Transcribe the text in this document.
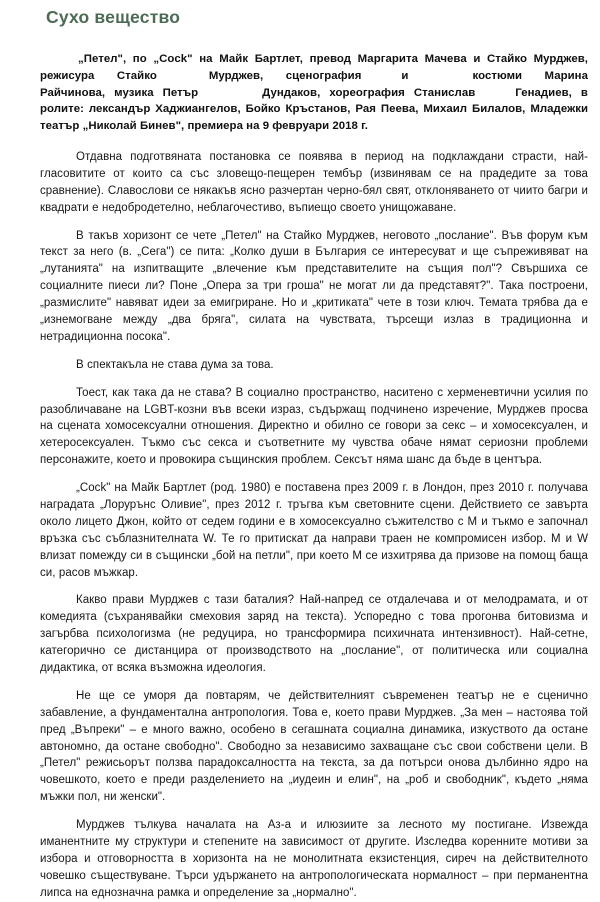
Сухо вещество
„Петел", по „Cock" на Майк Бартлет, превод Маргарита Мачева и Стайко Мурджев, режисура Стайко	Мурджев, сценография	и	костюми Марина Райчинова, музика Петър	Дундаков, хореография Станислав	Генадиев, в ролите: лександър Хаджиангелов, Бойко Кръстанов, Рая Пеева, Михаил Билалов, Младежки театър „Николай Бинев", премиера на 9 февруари 2018 г.

Отдавна подготвяната постановка се появява в период на подклаждани страсти, най-гласовитите от които са със зловещо-пещерен тембър (извинявам се на прадедите за това сравнение). Славослови се някакъв ясно разчертан черно-бял свят, отклоняването от чиито багри и квадрати е недобродетелно, неблагочестиво, въпиещо своето унищожаване.

В такъв хоризонт се чете „Петел" на Стайко Мурджев, неговото „послание". Във форум към текст за него (в. „Сега") се пита: „Колко души в България се интересуват и ще съпреживяват на „лутанията" на изпитващите „влечение към представителите на същия пол"? Свършиха се социалните пиеси ли? Поне „Опера за три гроша" не могат ли да представят?". Така построени, „размислите" навяват идеи за емигриране. Но и „критиката" чете в този ключ. Темата трябва да е „изнемогване между „два бряга", силата на чувствата, търсещи излаз в традиционна и нетрадиционна посока".

В спектакъла не става дума за това.

Тоест, как така да не става? В социално пространство, наситено с херменевтични усилия по разобличаване на LGBT-козни във всеки израз, съдържащ подчинено изречение, Мурджев просва на сцената хомосексуални отношения. Директно и обилно се говори за секс – и хомосексуален, и хетеросексуален. Тъкмо със секса и съответните му чувства обаче нямат сериозни проблеми персонажите, което и провокира същинския проблем. Сексът няма шанс да бъде в центъра.

„Cock" на Майк Бартлет (род. 1980) е поставена през 2009 г. в Лондон, през 2010 г. получава наградата „Лорурънс Оливие", през 2012 г. тръгва към световните сцени. Действието се завърта около лицето Джон, който от седем години е в хомосексуално съжителство с М и тъкмо е започнал връзка със съблазнителната W. Те го притискат да направи траен не компромисен избор. М и W влизат помежду си в същински „бой на петли", при което М се изхитрява да призове на помощ баща си, расов мъжкар.

Какво прави Мурджев с тази баталия? Най-напред се отдалечава и от мелодрамата, и от комедията (съхранявайки смеховия заряд на текста). Успоредно с това прогонва битовизма и загърбва психологизма (не редуцира, но трансформира психичната интензивност). Най-сетне, категорично се дистанцира от производството на „послание", от политическа или социална дидактика, от всяка възможна идеология.

Не ще се уморя да повтарям, че действителният съвременен театър не е сценично забавление, а фундаментална антропология. Това е, което прави Мурджев. „За мен – настоява той пред „Въпреки" – е много важно, особено в сегашната социална динамика, изкуството да остане автономно, да остане свободно". Свободно за независимо захващане със свои собствени цели. В „Петел" режисьорът ползва парадоксалността на текста, за да потърси онова дълбинно ядро на човешкото, което е преди разделението на „иудеин и елин", на „роб и свободник", където „няма мъжки пол, ни женски".

Мурджев тълкува началата на Аз-а и илюзиите за лесното му постигане. Извежда иманентните му структури и степените на зависимост от другите. Изследва коренните мотиви за избора и отговорността в хоризонта на не монолитната екзистенция, сиреч на действителното човешко съществуване. Търси удържането на антропологическата нормалност – при перманентна липса на еднозначна рамка и определение за „нормално".
